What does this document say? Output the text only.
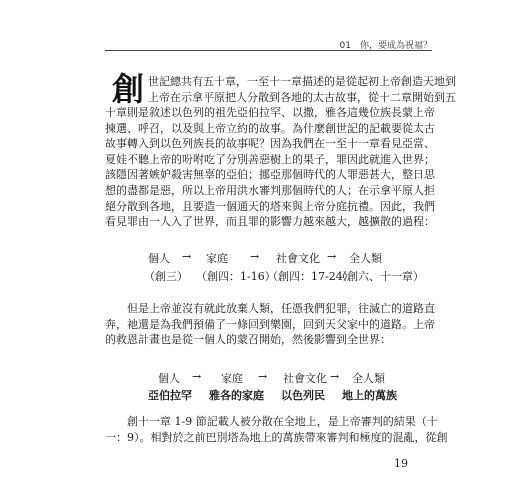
01　你，要成為祝福？
創 世記總共有五十章，一至十一章描述的是從起初上帝創造天地到
上帝在示拿平原把人分散到各地的太古故事，從十二章開始到五
十章則是敘述以色列的祖先亞伯拉罕、以撒，雅各這幾位族長蒙上帝
揀選、呼召，以及與上帝立約的故事。為什麼創世記的記載要從太古
故事轉入到以色列族長的故事呢？因為我們在一至十一章看見亞當、
夏娃不聽上帝的吩咐吃了分別善惡樹上的果子，罪因此就進入世界；
該隱因著嫉妒殺害無辜的亞伯；挪亞那個時代的人罪惡甚大，整日思
想的盡都是惡，所以上帝用洪水審判那個時代的人；在示拿平原人拒
絕分散到各地，且要造一個通天的塔來與上帝分庭抗禮。因此，我們
看見罪由一人入了世界，而且罪的影響力越來越大，越擴散的過程：
個人 → 家庭 → 社會文化 → 全人類
（創三） （創四：1-16）
（創四：17-24）
（創六、十一章）
但是上帝並沒有就此放棄人類，任憑我們犯罪，往滅亡的道路直
奔，祂還是為我們預備了一條回到樂園，回到天父家中的道路。上帝
的救恩計畫也是從一個人的蒙召開始，然後影響到全世界：
個人 → 家庭 → 社會文化 → 全人類
亞伯拉罕 雅各的家庭 以色列民 地上的萬族
創十一章 1-9 節記載人被分散在全地上，是上帝審判的結果（十
一：9）。相對於之前巴別塔為地上的萬族帶來審判和極度的混亂，從創
19
